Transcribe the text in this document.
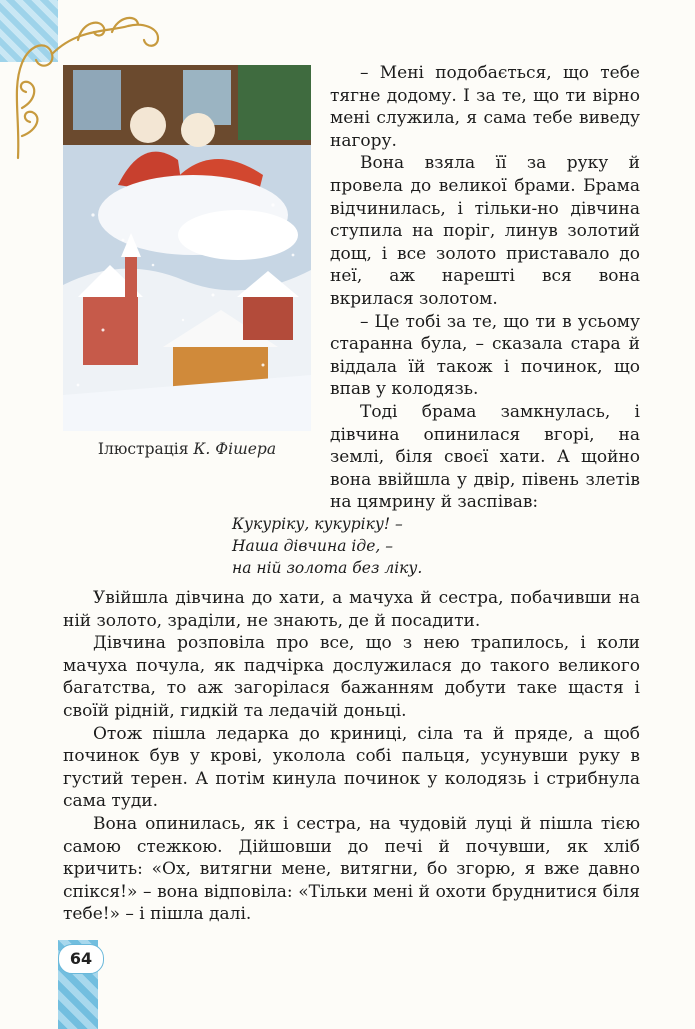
Ілюстрація К. Фішера

– Мені подобається, що тебе тягне додому. І за те, що ти вірно мені служила, я сама тебе виведу нагору.

Вона взяла її за руку й провела до великої брами. Брама відчинилась, і тільки-но дівчина ступила на поріг, линув золотий дощ, і все золото приставало до неї, аж нарешті вся вона вкрилася золотом.

– Це тобі за те, що ти в усьому старанна була, – сказала стара й віддала їй також і починок, що впав у колодязь.

Тоді брама замкнулась, і дівчина опинилася вгорі, на землі, біля своєї хати. А щойно вона ввійшла у двір, півень злетів на цямрину й заспівав:

Кукуріку, кукуріку! –
Наша дівчина іде, –
на ній золота без ліку.

Увійшла дівчина до хати, а мачуха й сестра, побачивши на ній золото, зраділи, не знають, де й посадити.

Дівчина розповіла про все, що з нею трапилось, і коли мачуха почула, як падчірка дослужилася до такого великого багатства, то аж загорілася бажанням добути таке щастя і своїй рідній, гидкій та ледачій доньці.

Отож пішла ледарка до криниці, сіла та й пряде, а щоб починок був у крові, уколола собі пальця, усунувши руку в густий терен. А потім кинула починок у колодязь і стрибнула сама туди.

Вона опинилась, як і сестра, на чудовій луці й пішла тією самою стежкою. Дійшовши до печі й почувши, як хліб кричить: «Ох, витягни мене, витягни, бо згорю, я вже давно спікся!» – вона відповіла: «Тільки мені й охоти бруднитися біля тебе!» – і пішла далі.

64
